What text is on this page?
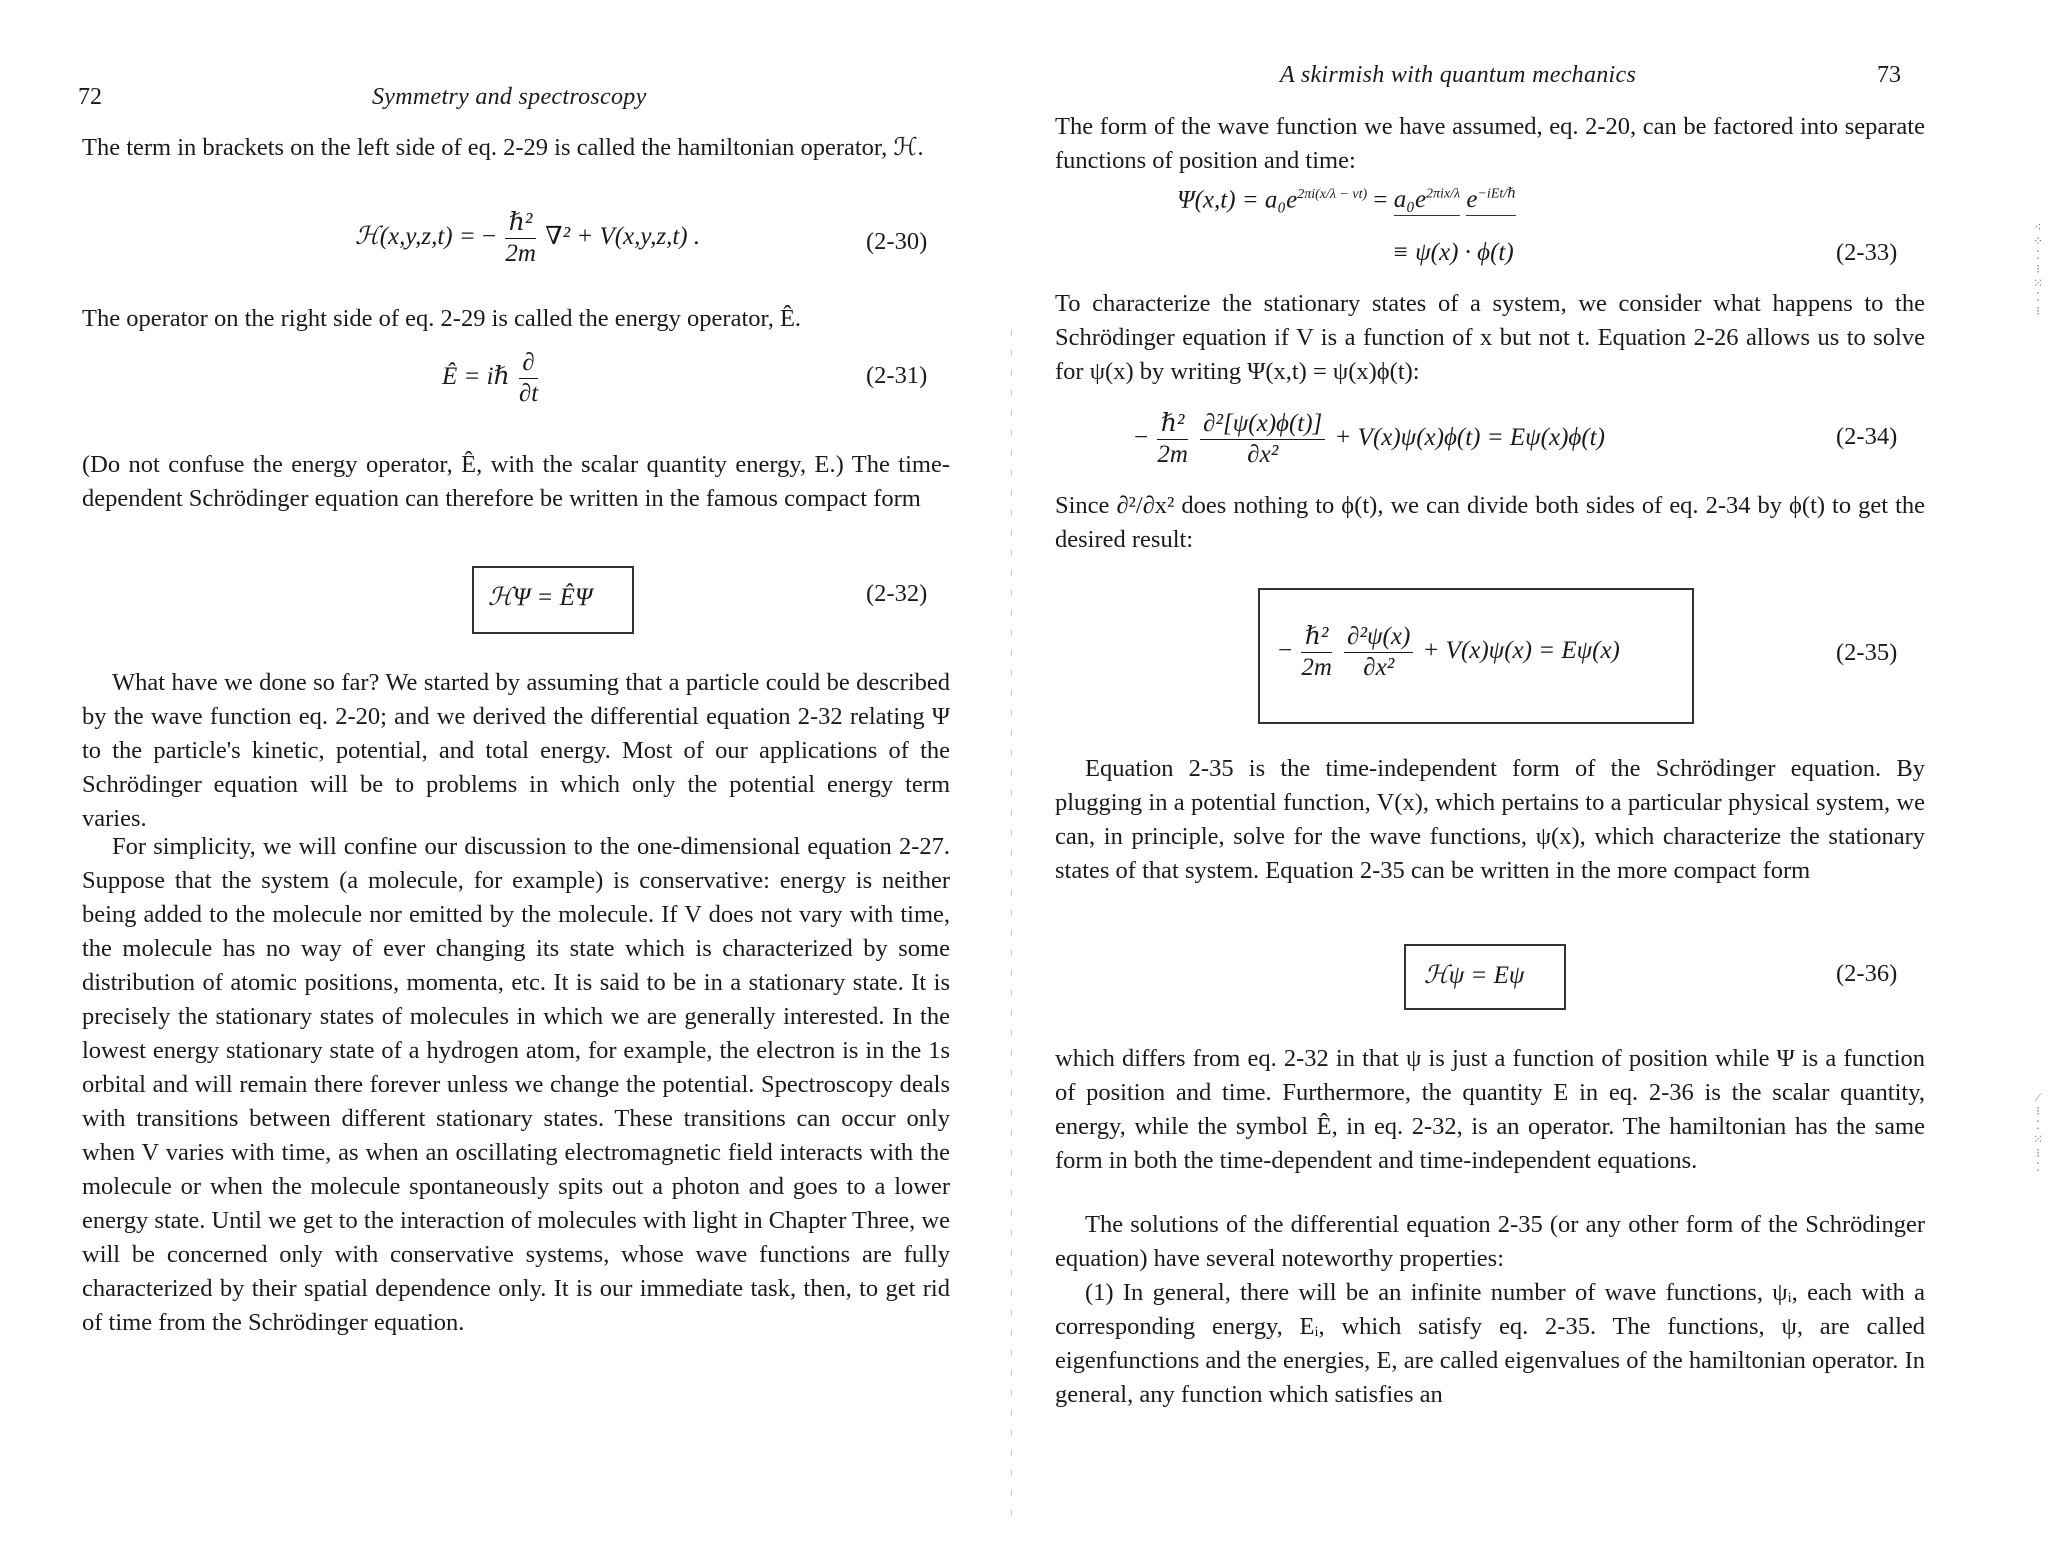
72	Symmetry and spectroscopy

The term in brackets on the left side of eq. 2-29 is called the hamiltonian operator, ℋ.

ℋ(x,y,z,t) = − $\frac{\text{ℏ²}}{2m} \nabla^2 + V(x,y,z,t)$ .	(2-30)

The operator on the right side of eq. 2-29 is called the energy operator, Ê.

Ê = iℏ $\frac{\partial}{\partial t}$	(2-31)

(Do not confuse the energy operator, Ê, with the scalar quantity energy, E.) The time-dependent Schrödinger equation can therefore be written in the famous compact form

ℋΨ = ÊΨ	(2-32)

What have we done so far? We started by assuming that a particle could be described by the wave function eq. 2-20; and we derived the differential equation 2-32 relating Ψ to the particle's kinetic, potential, and total energy. Most of our applications of the Schrödinger equation will be to problems in which only the potential energy term varies.

For simplicity, we will confine our discussion to the one-dimensional equation 2-27. Suppose that the system (a molecule, for example) is conservative: energy is neither being added to the molecule nor emitted by the molecule. If V does not vary with time, the molecule has no way of ever changing its state which is characterized by some distribution of atomic positions, momenta, etc. It is said to be in a stationary state. It is precisely the stationary states of molecules in which we are generally interested. In the lowest energy stationary state of a hydrogen atom, for example, the electron is in the 1s orbital and will remain there forever unless we change the potential. Spectroscopy deals with transitions between different stationary states. These transitions can occur only when V varies with time, as when an oscillating electromagnetic field interacts with the molecule or when the molecule spontaneously spits out a photon and goes to a lower energy state. Until we get to the interaction of molecules with light in Chapter Three, we will be concerned only with conservative systems, whose wave functions are fully characterized by their spatial dependence only. It is our immediate task, then, to get rid of time from the Schrödinger equation.

A skirmish with quantum mechanics	73

The form of the wave function we have assumed, eq. 2-20, can be factored into separate functions of position and time:

$\Psi(x,t) = a_0e^{2\pi i(x/\lambda - \nu t)} = a_0e^{2\pi ix/\lambda}$ $e^{-iEt/\hbar}$
≡ ψ(x) · ϕ(t)	(2-33)

To characterize the stationary states of a system, we consider what happens to the Schrödinger equation if V is a function of x but not t. Equation 2-26 allows us to solve for ψ(x) by writing Ψ(x,t) = ψ(x)ϕ(t):

− $\frac{\text{ℏ²}}{2m}$
$\frac{\text{∂²[ψ(x)ϕ(t)]}}{\text{∂x²}} + V(x)\psi(x)\phi(t) = E\psi(x)\phi(t)$	(2-34)

Since ∂²/∂x² does nothing to ϕ(t), we can divide both sides of eq. 2-34 by ϕ(t) to get the desired result:

− $\frac{\text{ℏ²}}{2m}$
$\frac{\text{∂²ψ(x)}}{\text{∂x²}} + V(x)\psi(x) = E\psi(x)$	(2-35)

Equation 2-35 is the time-independent form of the Schrödinger equation. By plugging in a potential function, V(x), which pertains to a particular physical system, we can, in principle, solve for the wave functions, ψ(x), which characterize the stationary states of that system. Equation 2-35 can be written in the more compact form

ℋψ = Eψ	(2-36)

which differs from eq. 2-32 in that ψ is just a function of position while Ψ is a function of position and time. Furthermore, the quantity E in eq. 2-36 is the scalar quantity, energy, while the symbol Ê, in eq. 2-32, is an operator. The hamiltonian has the same form in both the time-dependent and time-independent equations.

The solutions of the differential equation 2-35 (or any other form of the Schrödinger equation) have several noteworthy properties:

(1) In general, there will be an infinite number of wave functions, ψᵢ, each with a corresponding energy, Eᵢ, which satisfy eq. 2-35. The functions, ψ, are called eigenfunctions and the energies, E, are called eigenvalues of the hamiltonian operator. In general, any function which satisfies an

⁖
⁘
⁚
⁝
⁙
⁚
⁝
⁄
⁝
⁚
⁙
⁝
⁚
